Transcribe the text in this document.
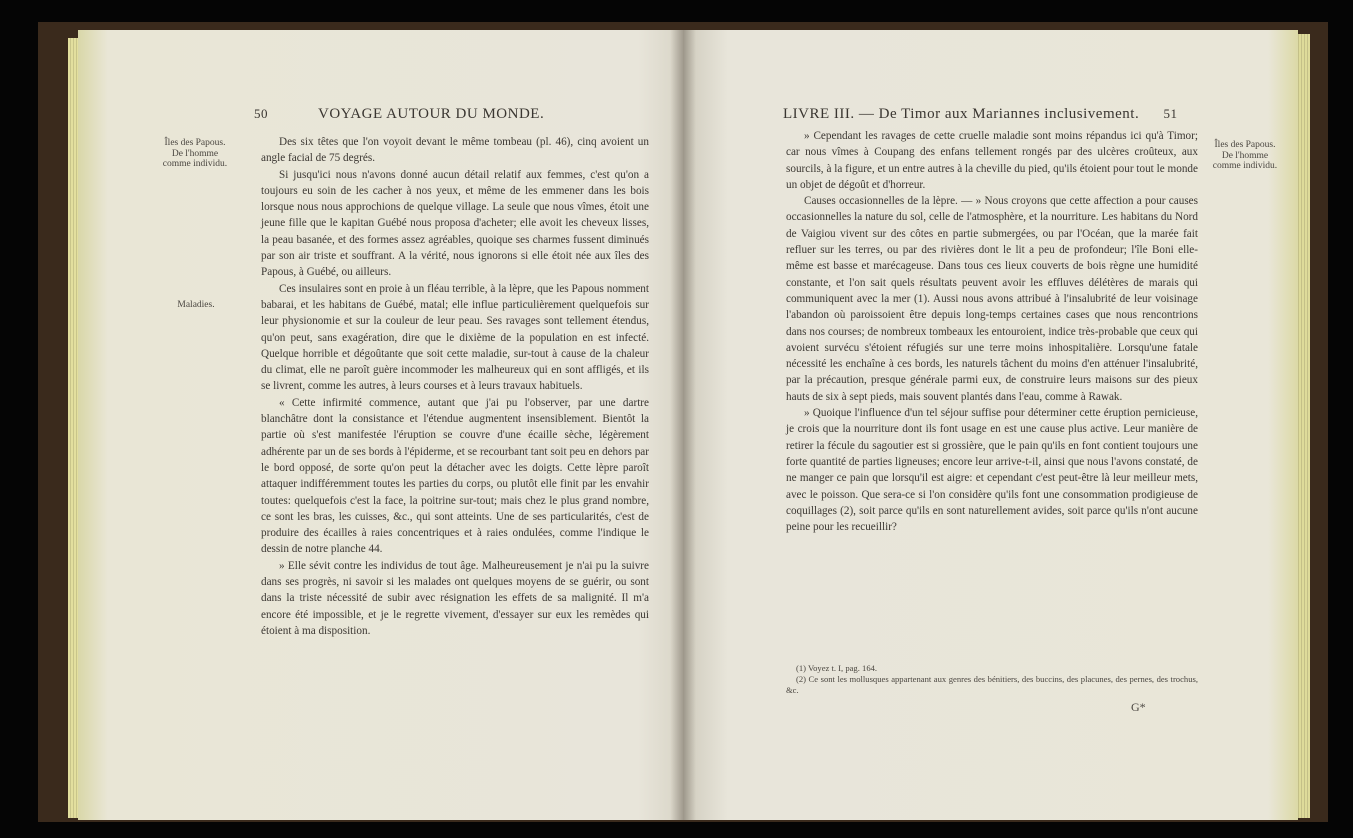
50	VOYAGE AUTOUR DU MONDE.
Îles des Papous.
De l'homme
comme individu.
Maladies.

Des six têtes que l'on voyoit devant le même tombeau (pl. 46), cinq avoient un angle facial de 75 degrés.

Si jusqu'ici nous n'avons donné aucun détail relatif aux femmes, c'est qu'on a toujours eu soin de les cacher à nos yeux, et même de les emmener dans les bois lorsque nous nous approchions de quelque village. La seule que nous vîmes, étoit une jeune fille que le kapitan Guébé nous proposa d'acheter; elle avoit les cheveux lisses, la peau basanée, et des formes assez agréables, quoique ses charmes fussent diminués par son air triste et souffrant. A la vérité, nous ignorons si elle étoit née aux îles des Papous, à Guébé, ou ailleurs.

Ces insulaires sont en proie à un fléau terrible, à la lèpre, que les Papous nomment babarai, et les habitans de Guébé, matal; elle influe particulièrement quelquefois sur leur physionomie et sur la couleur de leur peau. Ses ravages sont tellement étendus, qu'on peut, sans exagération, dire que le dixième de la population en est infecté. Quelque horrible et dégoûtante que soit cette maladie, sur-tout à cause de la chaleur du climat, elle ne paroît guère incommoder les malheureux qui en sont affligés, et ils se livrent, comme les autres, à leurs courses et à leurs travaux habituels.

« Cette infirmité commence, autant que j'ai pu l'observer, par une dartre blanchâtre dont la consistance et l'étendue augmentent insensiblement. Bientôt la partie où s'est manifestée l'éruption se couvre d'une écaille sèche, légèrement adhérente par un de ses bords à l'épiderme, et se recourbant tant soit peu en dehors par le bord opposé, de sorte qu'on peut la détacher avec les doigts. Cette lèpre paroît attaquer indifféremment toutes les parties du corps, ou plutôt elle finit par les envahir toutes: quelquefois c'est la face, la poitrine sur-tout; mais chez le plus grand nombre, ce sont les bras, les cuisses, &c., qui sont atteints. Une de ses particularités, c'est de produire des écailles à raies concentriques et à raies ondulées, comme l'indique le dessin de notre planche 44.

» Elle sévit contre les individus de tout âge. Malheureusement je n'ai pu la suivre dans ses progrès, ni savoir si les malades ont quelques moyens de se guérir, ou sont dans la triste nécessité de subir avec résignation les effets de sa malignité. Il m'a encore été impossible, et je le regrette vivement, d'essayer sur eux les remèdes qui étoient à ma disposition.

LIVRE III. — De Timor aux Mariannes inclusivement. 51
Îles des Papous.
De l'homme
comme individu.

» Cependant les ravages de cette cruelle maladie sont moins répandus ici qu'à Timor; car nous vîmes à Coupang des enfans tellement rongés par des ulcères croûteux, aux sourcils, à la figure, et un entre autres à la cheville du pied, qu'ils étoient pour tout le monde un objet de dégoût et d'horreur.

Causes occasionnelles de la lèpre. — » Nous croyons que cette affection a pour causes occasionnelles la nature du sol, celle de l'atmosphère, et la nourriture. Les habitans du Nord de Vaigiou vivent sur des côtes en partie submergées, ou par l'Océan, que la marée fait refluer sur les terres, ou par des rivières dont le lit a peu de profondeur; l'île Boni elle-même est basse et marécageuse. Dans tous ces lieux couverts de bois règne une humidité constante, et l'on sait quels résultats peuvent avoir les effluves délétères de marais qui communiquent avec la mer (1). Aussi nous avons attribué à l'insalubrité de leur voisinage l'abandon où paroissoient être depuis long-temps certaines cases que nous rencontrions dans nos courses; de nombreux tombeaux les entouroient, indice très-probable que ceux qui avoient survécu s'étoient réfugiés sur une terre moins inhospitalière. Lorsqu'une fatale nécessité les enchaîne à ces bords, les naturels tâchent du moins d'en atténuer l'insalubrité, par la précaution, presque générale parmi eux, de construire leurs maisons sur des pieux hauts de six à sept pieds, mais souvent plantés dans l'eau, comme à Rawak.

» Quoique l'influence d'un tel séjour suffise pour déterminer cette éruption pernicieuse, je crois que la nourriture dont ils font usage en est une cause plus active. Leur manière de retirer la fécule du sagoutier est si grossière, que le pain qu'ils en font contient toujours une forte quantité de parties ligneuses; encore leur arrive-t-il, ainsi que nous l'avons constaté, de ne manger ce pain que lorsqu'il est aigre: et cependant c'est peut-être là leur meilleur mets, avec le poisson. Que sera-ce si l'on considère qu'ils font une consommation prodigieuse de coquillages (2), soit parce qu'ils en sont naturellement avides, soit parce qu'ils n'ont aucune peine pour les recueillir?

(1) Voyez t. I, pag. 164.

(2) Ce sont les mollusques appartenant aux genres des bénitiers, des buccins, des placunes, des pernes, des trochus, &c.

G*
